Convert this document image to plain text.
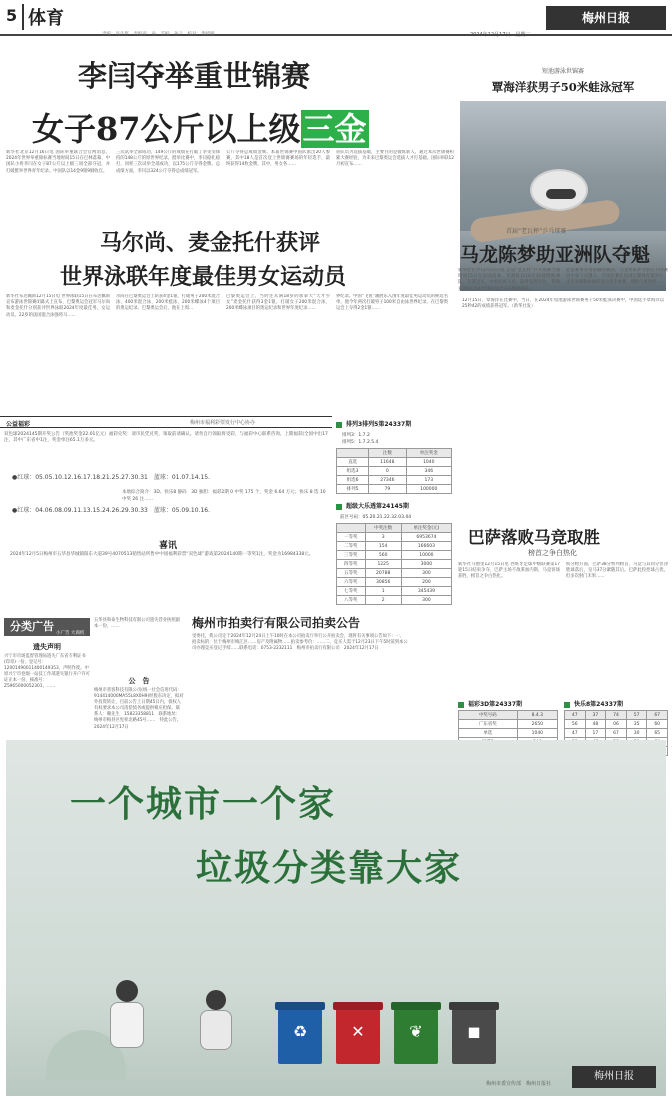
5 体育
责编：高生哲　责编审：孙　美编：孙兰　校对：黄晴晴
梅州日报
2024年12月17日　星期二
李闫夺举重世锦赛
女子87公斤以上级三金
新华社北京12月16日电 国际举重联合会官网消息，2024年世界举重锦标赛当地时间15日在巴林落幕，中国队小将李闫在女子87公斤以上级三项全部夺冠，并打破挺举世界青年纪录。中国队以14金9银9铜收官。
三次试举全部成功，149公斤的成绩在打破了李雯雯保持的148公斤的原世界纪录。挺举比赛中，李闫稳扎稳打，同样三次试举全部成功，以175公斤夺得金牌。总成绩方面，李闫以324公斤夺得总成绩冠军。
公斤夺得总成绩金牌。本届世锦赛中国队派出20人参赛，其中18人是首次登上世锦赛赛场的年轻选手，最终获得14枚金牌，其中，男女各……
轻队员为选拔基础，主要目的是锻炼新人，通过本次世锦赛积累大赛经验，为未来巴黎奥运会选拔人才打基础。国际举联12月初宣布……
短池游泳世锦赛
覃海洋获男子50米蛙泳冠军
12月15日，覃海洋在比赛中。当日，在2024年短池游泳世锦赛男子50米蛙泳决赛中，中国选手覃海洋以25秒42的成绩获得冠军。（新华社发）
马尔尚、麦金托什获评
世界泳联年度最佳男女运动员
新华社布达佩斯12月15日电 世界泳联15日在布达佩斯宣布游泳世锦赛闭幕式上宣布，巴黎奥运会冠军马尔尚和麦金托什分别获评世界泳联2024年度最佳男、女运动员。22岁的法国混合泳强将马……
尔尚在巴黎奥运会上斩获4金1银，打破男子200米混合泳、400米混合泳、200米蛙泳、200米蝶泳4个项目的奥运纪录。巴黎奥运会后，他在上周…
巴黎奥运会上，当时还未满18岁的加拿大“天才少女”麦金托什获得3金1银。打破女子200米混合泳、200米蝶泳项目的奥运纪录和世界年度纪录……
界纪录。中国“飞鱼”潘展乐入围年度最佳男运动员的候选名单，他今年两次打破男子100米自由泳世界纪录，在巴黎奥运会上夺得2金1银……
首届“老瓦杯”乒乓球赛
马龙陈梦助亚洲队夺魁
新华社长沙12月15日电 首届“老瓦杯”乒乓球赛当地时间15日在法国落幕，亚洲队以14比10战胜欧洲队，夺得冠军。中国名将马龙、陈梦发挥出色，帮助亚洲队以14比10的总比分击败欧洲队。
此届赛事采用新颖的赛制，马龙和陈梦分别在不同赛段中拿下关键分。全场比赛在法国巴黎体育馆举行，来自亚洲和欧洲的顶尖选手参赛，现场气氛热烈……
公益福彩	梅州市福利彩票发行中心协办
双色球2024145期开奖公告（奖池奖金22.01亿元）福彩兑奖：请市民凭兑奖，领取前请确认。请勿自行领取将受彩，与福彩中心联系咨询。上期福彩(全国中出17注，其中广东省中1注，奖金单注65.1万多元。
●红球：05.05.10.12.16.17.18.21.25.27.30.31　蓝球：01.07.14.15.
本地综合简介：3D、快乐8 静码　3D 独胆：福彩2期 0 中奖 175 个，奖金 6.64 万元；快乐 8 选 10 中奖 26 注……
●红球：04.06.08.09.11.13.15.24.26.29.30.33　蓝球：05.09.10.16.
喜讯
2024年12月5日梅州市五华县华城镇阳东大道39号4070513销售站所售中中国福利彩票“双色球”游戏第2024140期一等奖1注，奖金为16984338元。
排列3排列5第24337期
排列3：1.7.2
排列5：1.7.2.5.4
	注数	单注奖金
直选	11648	1040
组选3	0	346
组选6	27346	173
排列5	79	100000
超级大乐透第24145期
前区号码：05.20.21.22.32.03.04
	中奖注数	单注奖金(元)
一等奖	3	6953674
二等奖	154	166603
三等奖	560	10000
四等奖	1225	3000
五等奖	20788	300
六等奖	30856	200
七等奖	1	345439
八等奖	2	300
巴萨落败马竞取胜
榜首之争白热化
新华社马德里12月15日电 西班牙足球甲级联赛第17轮15日结束争夺，巴萨主场不敌莱加内斯，马竞客场获胜，榜首之争白热化。
积分榜方面，巴萨38分暂列榜首，马竞与其同分但净胜球落后，皇马37分紧随其后。巴萨此役控球占优，但多次射门未果……
福彩3D第24337期
中奖号码	8.4.3
广东省奖	2650
单选	1040

快乐8第24337期
47	37	74	57	67
56	48	06	35	60
47	17	67	30	65

分类广告
小广告 大商机
遗失声明
兴宁市市场监督管理局遗失广东省专利证书(印章)一份，登记号：12001490011400149353，声明作废。中原兴宁市卷烟一站技工作部遗失银行开户许可证正本一份，核准号：Z5965000052301，……
五华县和泰生物科技有限公司遗失营业执照副本一份，……
公　告
梅州市普客科技有限公司(统一社会信用代码：914414000MA55L8X0H9)经股东决定，拟对外投资转让，目前公告上日期45日内，债权人有权要求本公司清偿债务或提供相应担保。联系人：赖先生　15823358811　联系地址：梅州市梅县区宪梓北路45号……　特此公告。2024年12月17日
梅州市拍卖行有限公司拍卖公告
受委托，我公司定于2024年12月24日上午10时在本公司拍卖厅举行公开拍卖会，现将有关事项公告如下：一、拍卖标的：位于梅州市梅江区……房产及附属物……拍卖参考价：……二、竞买人需于12月23日下午5时前到本公司办理竞买登记手续……联系电话：0753-2232111　梅州市拍卖行有限公司　2024年12月17日
一个城市一个家
垃圾分类靠大家
♻	✕	❦	◼
梅州市委宣传部　梅州日报社
梅州日报
